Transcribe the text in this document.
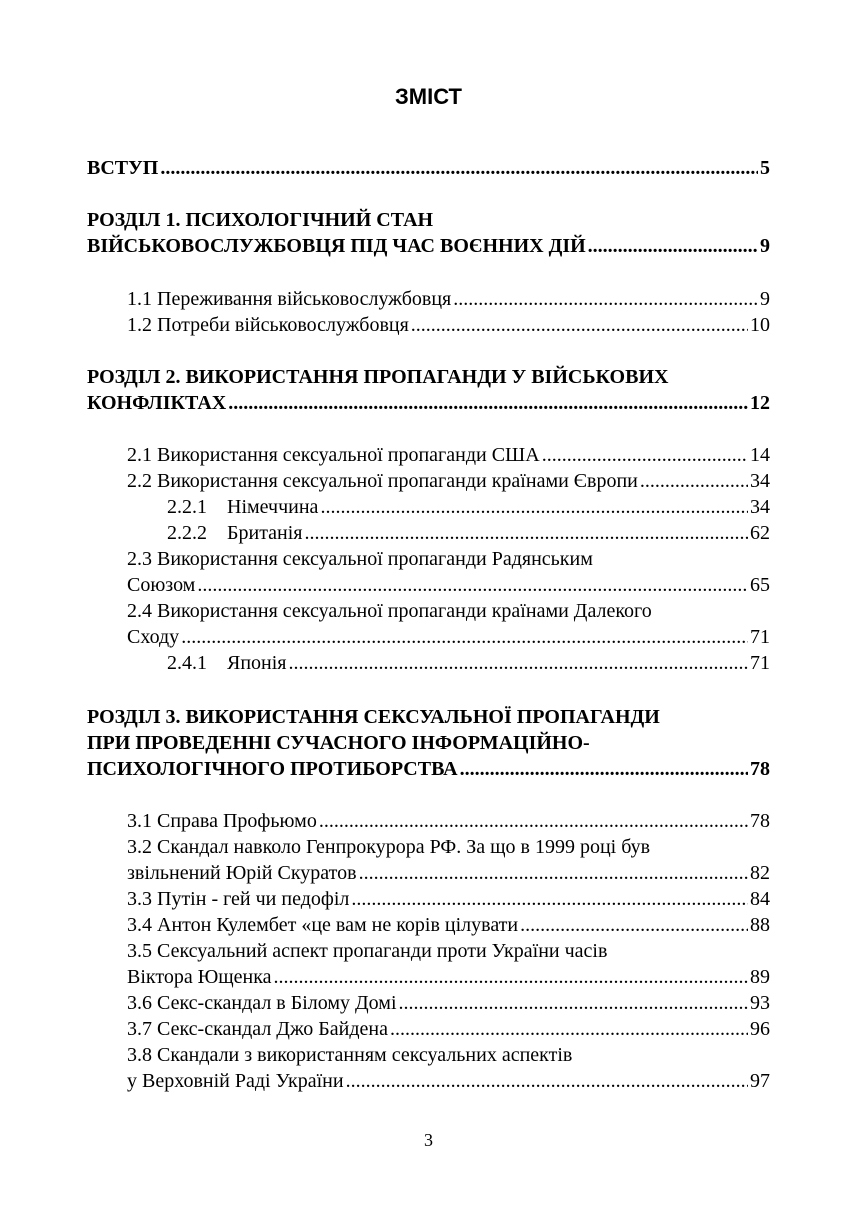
ЗМІСТ
ВСТУП .....	5
РОЗДІЛ 1. ПСИХОЛОГІЧНИЙ СТАН
ВІЙСЬКОВОСЛУЖБОВЦЯ ПІД ЧАС ВОЄННИХ ДІЙ .....	9
1.1 Переживання військовослужбовця .....	9
1.2 Потреби військовослужбовця .....	10
РОЗДІЛ 2. ВИКОРИСТАННЯ ПРОПАГАНДИ У ВІЙСЬКОВИХ
КОНФЛІКТАХ .....	12
2.1 Використання сексуальної пропаганди США .....	14
2.2 Використання сексуальної пропаганди країнами Європи .....	34
2.2.1	Німеччина .....	34
2.2.2	Британія .....	62
2.3 Використання сексуальної пропаганди Радянським
Союзом .....	65
2.4 Використання сексуальної пропаганди країнами Далекого
Сходу .....	71
2.4.1	Японія .....	71
РОЗДІЛ 3. ВИКОРИСТАННЯ СЕКСУАЛЬНОЇ ПРОПАГАНДИ
ПРИ ПРОВЕДЕННІ СУЧАСНОГО ІНФОРМАЦІЙНО-
ПСИХОЛОГІЧНОГО ПРОТИБОРСТВА .....	78
3.1 Справа Профьюмо .....	78
3.2 Скандал навколо Генпрокурора РФ. За що в 1999 році був
звільнений Юрій Скуратов .....	82
3.3 Путін - гей чи педофіл .....	84
3.4 Антон Кулембет «це вам не корів цілувати .....	88
3.5 Сексуальний аспект пропаганди проти України часів
Віктора Ющенка .....	89
3.6 Секс-скандал в Білому Домі .....	93
3.7 Секс-скандал Джо Байдена .....	96
3.8 Скандали з використанням сексуальних аспектів
у Верховній Раді України .....	97
3
